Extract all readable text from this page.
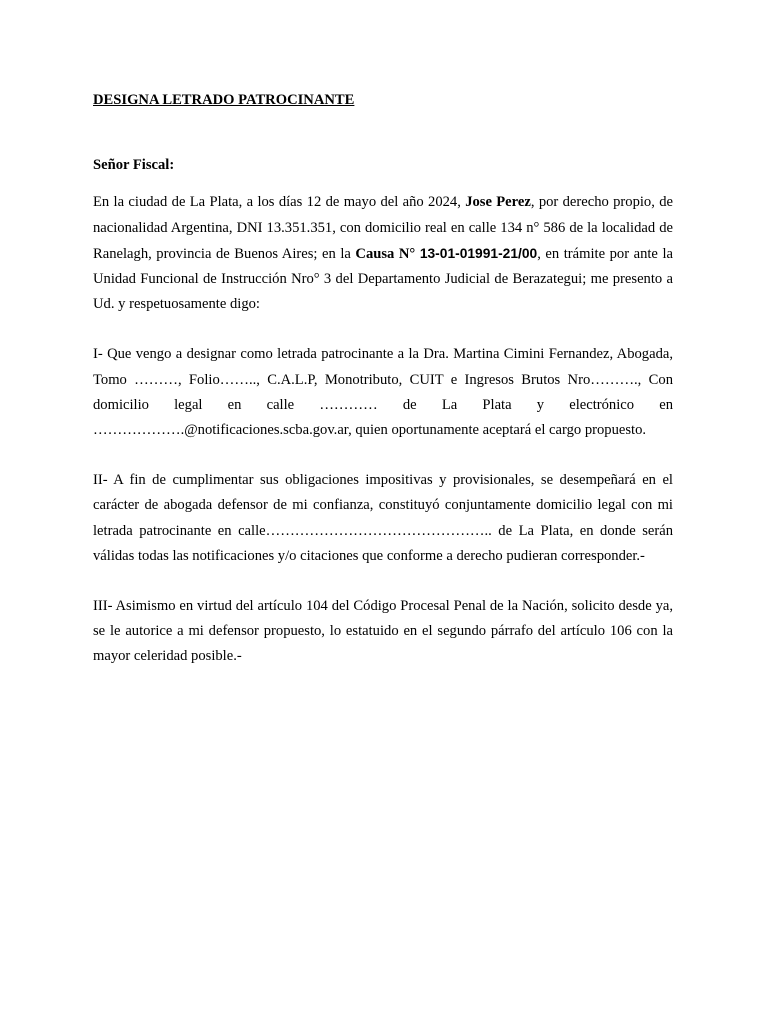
DESIGNA LETRADO PATROCINANTE

Señor Fiscal:

En la ciudad de La Plata, a los días 12 de mayo del año 2024, Jose Perez, por derecho propio, de nacionalidad Argentina, DNI 13.351.351, con domicilio real en calle 134 n° 586 de la localidad de Ranelagh, provincia de Buenos Aires; en la Causa N° 13-01-01991-21/00, en trámite por ante la Unidad Funcional de Instrucción Nro° 3 del Departamento Judicial de Berazategui; me presento a Ud. y respetuosamente digo:

I- Que vengo a designar como letrada patrocinante a la Dra. Martina Cimini Fernandez, Abogada, Tomo ………, Folio…….., C.A.L.P, Monotributo, CUIT e Ingresos Brutos Nro………., Con domicilio legal en calle ………… de La Plata y electrónico en ……………….@notificaciones.scba.gov.ar, quien oportunamente aceptará el cargo propuesto.

II- A fin de cumplimentar sus obligaciones impositivas y provisionales, se desempeñará en el carácter de abogada defensor de mi confianza, constituyó conjuntamente domicilio legal con mi letrada patrocinante en calle……………………………………….. de La Plata, en donde serán válidas todas las notificaciones y/o citaciones que conforme a derecho pudieran corresponder.-

III- Asimismo en virtud del artículo 104 del Código Procesal Penal de la Nación, solicito desde ya, se le autorice a mi defensor propuesto, lo estatuido en el segundo párrafo del artículo 106 con la mayor celeridad posible.-
